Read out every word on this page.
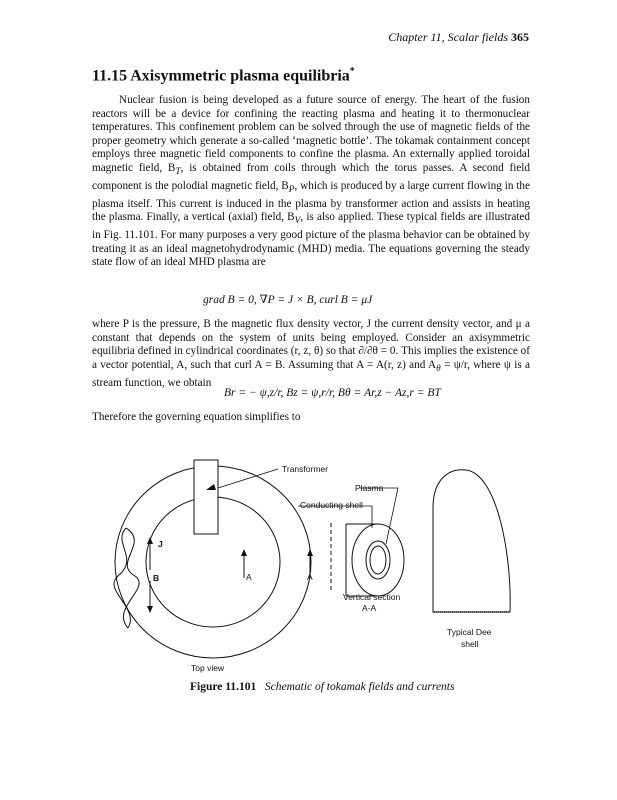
Chapter 11, Scalar fields 365
11.15 Axisymmetric plasma equilibria*

Nuclear fusion is being developed as a future source of energy. The heart of the fusion reactors will be a device for confining the reacting plasma and heating it to thermonuclear temperatures. This confinement problem can be solved through the use of magnetic fields of the proper geometry which generate a so-called ‘magnetic bottle’. The tokamak containment concept employs three magnetic field components to confine the plasma. An externally applied toroidal magnetic field, $B_T$, is obtained from coils through which the torus passes. A second field component is the polodial magnetic field, $B_P$, which is produced by a large current flowing in the plasma itself. This current is induced in the plasma by transformer action and assists in heating the plasma. Finally, a vertical (axial) field, $B_V$, is also applied. These typical fields are illustrated in Fig. 11.101. For many purposes a very good picture of the plasma behavior can be obtained by treating it as an ideal magnetohydrodynamic (MHD) media. The equations governing the steady state flow of an ideal MHD plasma are

grad B = 0, ∇P = J × B, curl B = μJ

where P is the pressure, B the magnetic flux density vector, J the current density vector, and μ a constant that depends on the system of units being employed. Consider an axisymmetric equilibria defined in cylindrical coordinates (r, z, θ) so that ∂/∂θ = 0. This implies the existence of a vector potential, A, such that curl A = B. Assuming that A = A(r, z) and $A_\theta = \psi/r$, where ψ is a stream function, we obtain

Br = − ψ,z/r, Bz = ψ,r/r, Bθ = Ar,z − Az,r = BT

Therefore the governing equation simplifies to

Transformer
Plasma
Conducting shell
J
B	A	A
Vertical section
A-A
Typical Dee
shell
Top view
Figure 11.101 Schematic of tokamak fields and currents
